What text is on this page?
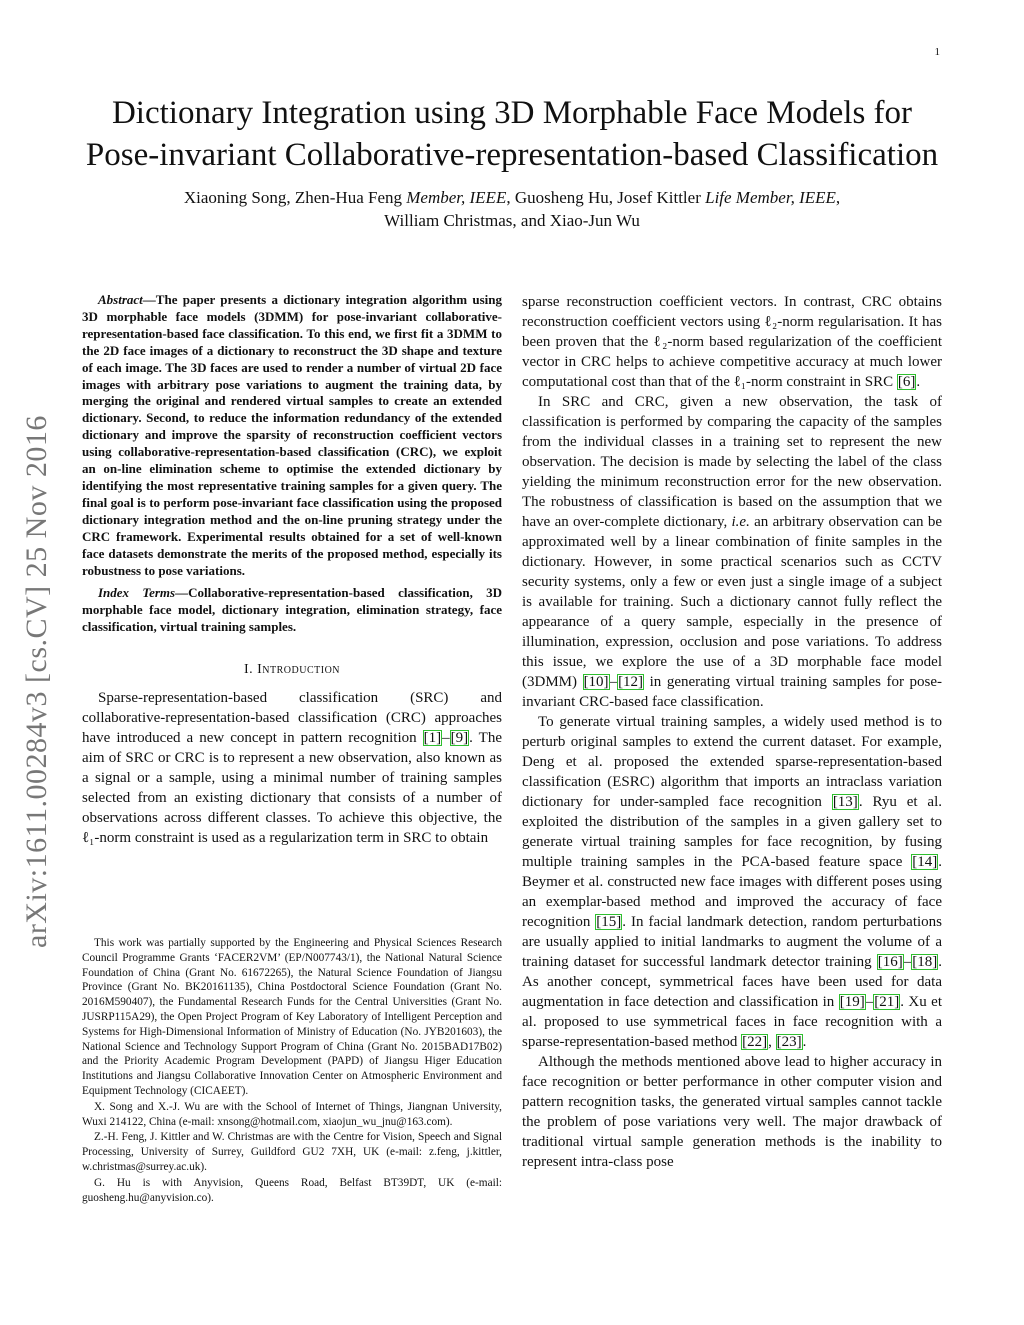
1
arXiv:1611.00284v3 [cs.CV] 25 Nov 2016
Dictionary Integration using 3D Morphable Face Models for
Pose-invariant Collaborative-representation-based Classification
Xiaoning Song, Zhen-Hua Feng Member, IEEE, Guosheng Hu, Josef Kittler Life Member, IEEE,
William Christmas, and Xiao-Jun Wu

Abstract—The paper presents a dictionary integration algorithm using 3D morphable face models (3DMM) for pose-invariant collaborative-representation-based face classification. To this end, we first fit a 3DMM to the 2D face images of a dictionary to reconstruct the 3D shape and texture of each image. The 3D faces are used to render a number of virtual 2D face images with arbitrary pose variations to augment the training data, by merging the original and rendered virtual samples to create an extended dictionary. Second, to reduce the information redundancy of the extended dictionary and improve the sparsity of reconstruction coefficient vectors using collaborative-representation-based classification (CRC), we exploit an on-line elimination scheme to optimise the extended dictionary by identifying the most representative training samples for a given query. The final goal is to perform pose-invariant face classification using the proposed dictionary integration method and the on-line pruning strategy under the CRC framework. Experimental results obtained for a set of well-known face datasets demonstrate the merits of the proposed method, especially its robustness to pose variations.

Index Terms—Collaborative-representation-based classification, 3D morphable face model, dictionary integration, elimination strategy, face classification, virtual training samples.

I. Introduction

Sparse-representation-based classification (SRC) and collaborative-representation-based classification (CRC) approaches have introduced a new concept in pattern recognition [1]–[9]. The aim of SRC or CRC is to represent a new observation, also known as a signal or a sample, using a minimal number of training samples selected from an existing dictionary that consists of a number of observations across different classes. To achieve this objective, the ℓ₁-norm constraint is used as a regularization term in SRC to obtain

This work was partially supported by the Engineering and Physical Sciences Research Council Programme Grants ‘FACER2VM’ (EP/N007743/1), the National Natural Science Foundation of China (Grant No. 61672265), the Natural Science Foundation of Jiangsu Province (Grant No. BK20161135), China Postdoctoral Science Foundation (Grant No. 2016M590407), the Fundamental Research Funds for the Central Universities (Grant No. JUSRP115A29), the Open Project Program of Key Laboratory of Intelligent Perception and Systems for High-Dimensional Information of Ministry of Education (No. JYB201603), the National Science and Technology Support Program of China (Grant No. 2015BAD17B02) and the Priority Academic Program Development (PAPD) of Jiangsu Higer Education Institutions and Jiangsu Collaborative Innovation Center on Atmospheric Environment and Equipment Technology (CICAEET).

X. Song and X.-J. Wu are with the School of Internet of Things, Jiangnan University, Wuxi 214122, China (e-mail: xnsong@hotmail.com, xiaojun_wu_jnu@163.com).

Z.-H. Feng, J. Kittler and W. Christmas are with the Centre for Vision, Speech and Signal Processing, University of Surrey, Guildford GU2 7XH, UK (e-mail: z.feng, j.kittler, w.christmas@surrey.ac.uk).

G. Hu is with Anyvision, Queens Road, Belfast BT39DT, UK (e-mail: guosheng.hu@anyvision.co).

sparse reconstruction coefficient vectors. In contrast, CRC obtains reconstruction coefficient vectors using ℓ₂-norm regularisation. It has been proven that the ℓ₂-norm based regularization of the coefficient vector in CRC helps to achieve competitive accuracy at much lower computational cost than that of the ℓ₁-norm constraint in SRC [6].

In SRC and CRC, given a new observation, the task of classification is performed by comparing the capacity of the samples from the individual classes in a training set to represent the new observation. The decision is made by selecting the label of the class yielding the minimum reconstruction error for the new observation. The robustness of classification is based on the assumption that we have an over-complete dictionary, i.e. an arbitrary observation can be approximated well by a linear combination of finite samples in the dictionary. However, in some practical scenarios such as CCTV security systems, only a few or even just a single image of a subject is available for training. Such a dictionary cannot fully reflect the appearance of a query sample, especially in the presence of illumination, expression, occlusion and pose variations. To address this issue, we explore the use of a 3D morphable face model (3DMM) [10]–[12] in generating virtual training samples for pose-invariant CRC-based face classification.

To generate virtual training samples, a widely used method is to perturb original samples to extend the current dataset. For example, Deng et al. proposed the extended sparse-representation-based classification (ESRC) algorithm that imports an intraclass variation dictionary for under-sampled face recognition [13]. Ryu et al. exploited the distribution of the samples in a given gallery set to generate virtual training samples for face recognition, by fusing multiple training samples in the PCA-based feature space [14]. Beymer et al. constructed new face images with different poses using an exemplar-based method and improved the accuracy of face recognition [15]. In facial landmark detection, random perturbations are usually applied to initial landmarks to augment the volume of a training dataset for successful landmark detector training [16]–[18]. As another concept, symmetrical faces have been used for data augmentation in face detection and classification in [19]–[21]. Xu et al. proposed to use symmetrical faces in face recognition with a sparse-representation-based method [22], [23].

Although the methods mentioned above lead to higher accuracy in face recognition or better performance in other computer vision and pattern recognition tasks, the generated virtual samples cannot tackle the problem of pose variations very well. The major drawback of traditional virtual sample generation methods is the inability to represent intra-class pose
